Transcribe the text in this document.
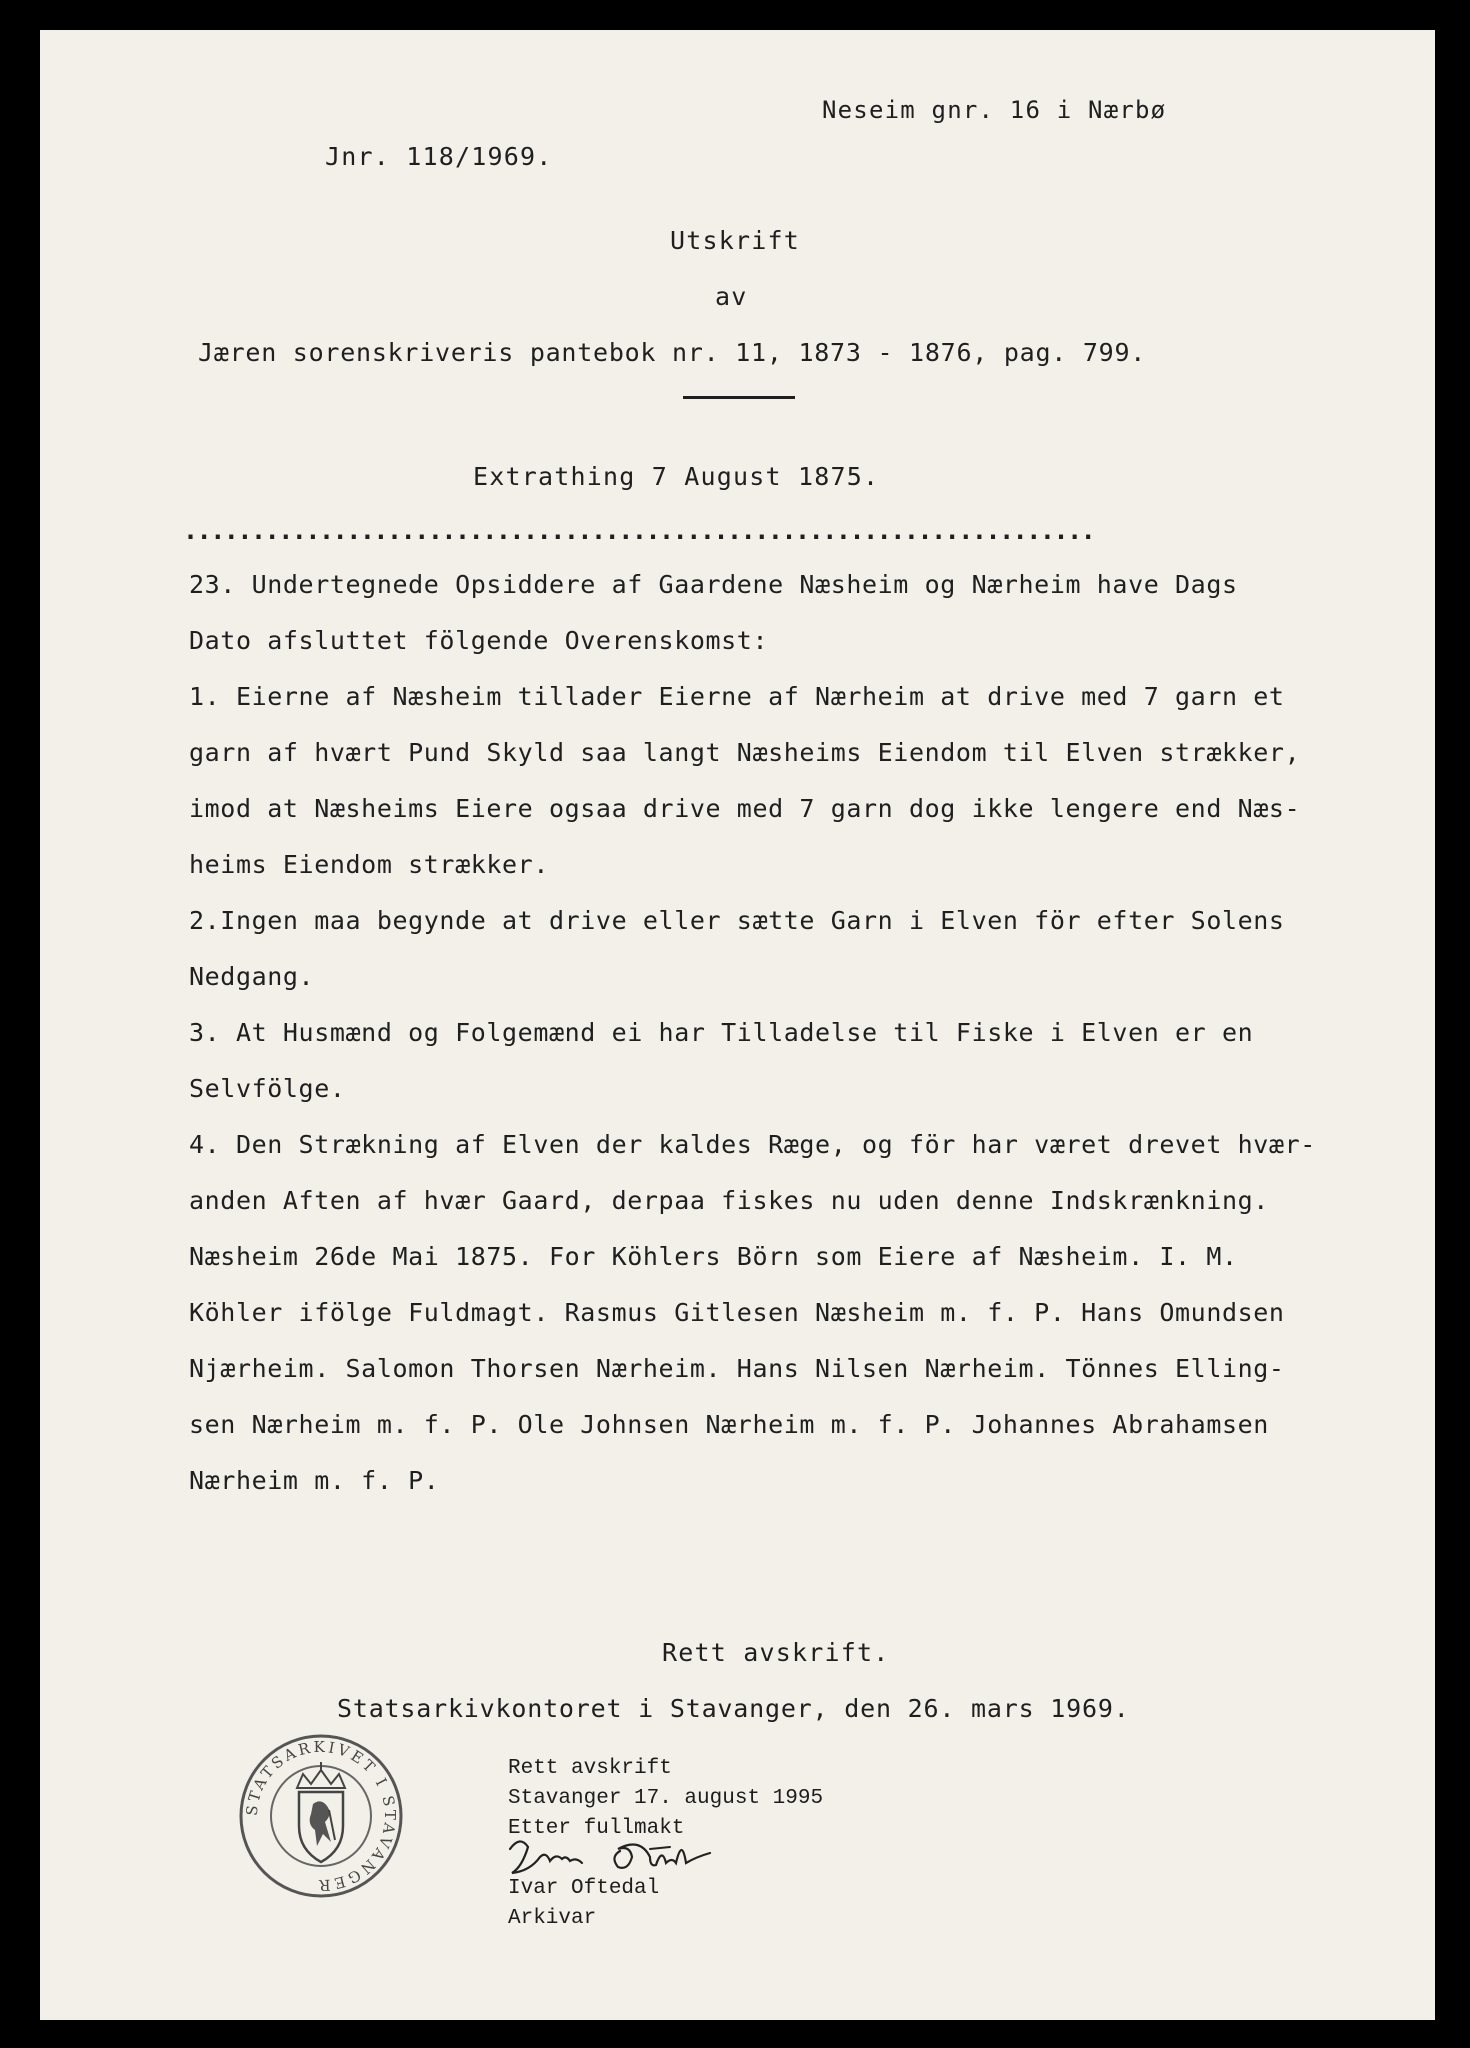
Neseim gnr. 16 i Nærbø
Jnr. 118/1969.
Utskrift
av
Jæren sorenskriveris pantebok nr. 11, 1873 - 1876, pag. 799.
Extrathing 7 August 1875.
...................................................................
23. Undertegnede Opsiddere af Gaardene Næsheim og Nærheim have Dags
Dato afsluttet fölgende Overenskomst:
1. Eierne af Næsheim tillader Eierne af Nærheim at drive med 7 garn et
garn af hvært Pund Skyld saa langt Næsheims Eiendom til Elven strækker,
imod at Næsheims Eiere ogsaa drive med 7 garn dog ikke lengere end Næs-
heims Eiendom strækker.
2.Ingen maa begynde at drive eller sætte Garn i Elven för efter Solens
Nedgang.
3. At Husmænd og Folgemænd ei har Tilladelse til Fiske i Elven er en
Selvfölge.
4. Den Strækning af Elven der kaldes Ræge, og för har været drevet hvær-
anden Aften af hvær Gaard, derpaa fiskes nu uden denne Indskrænkning.
Næsheim 26de Mai 1875. For Köhlers Börn som Eiere af Næsheim. I. M.
Köhler ifölge Fuldmagt. Rasmus Gitlesen Næsheim m. f. P. Hans Omundsen
Njærheim. Salomon Thorsen Nærheim. Hans Nilsen Nærheim. Tönnes Elling-
sen Nærheim m. f. P. Ole Johnsen Nærheim m. f. P. Johannes Abrahamsen
Nærheim m. f. P.
Rett avskrift.
Statsarkivkontoret i Stavanger, den 26. mars 1969.
STATSARKIVET I STAVANGER
Rett avskrift
Stavanger 17. august 1995
Etter fullmakt
Ivar Oftedal
Arkivar
